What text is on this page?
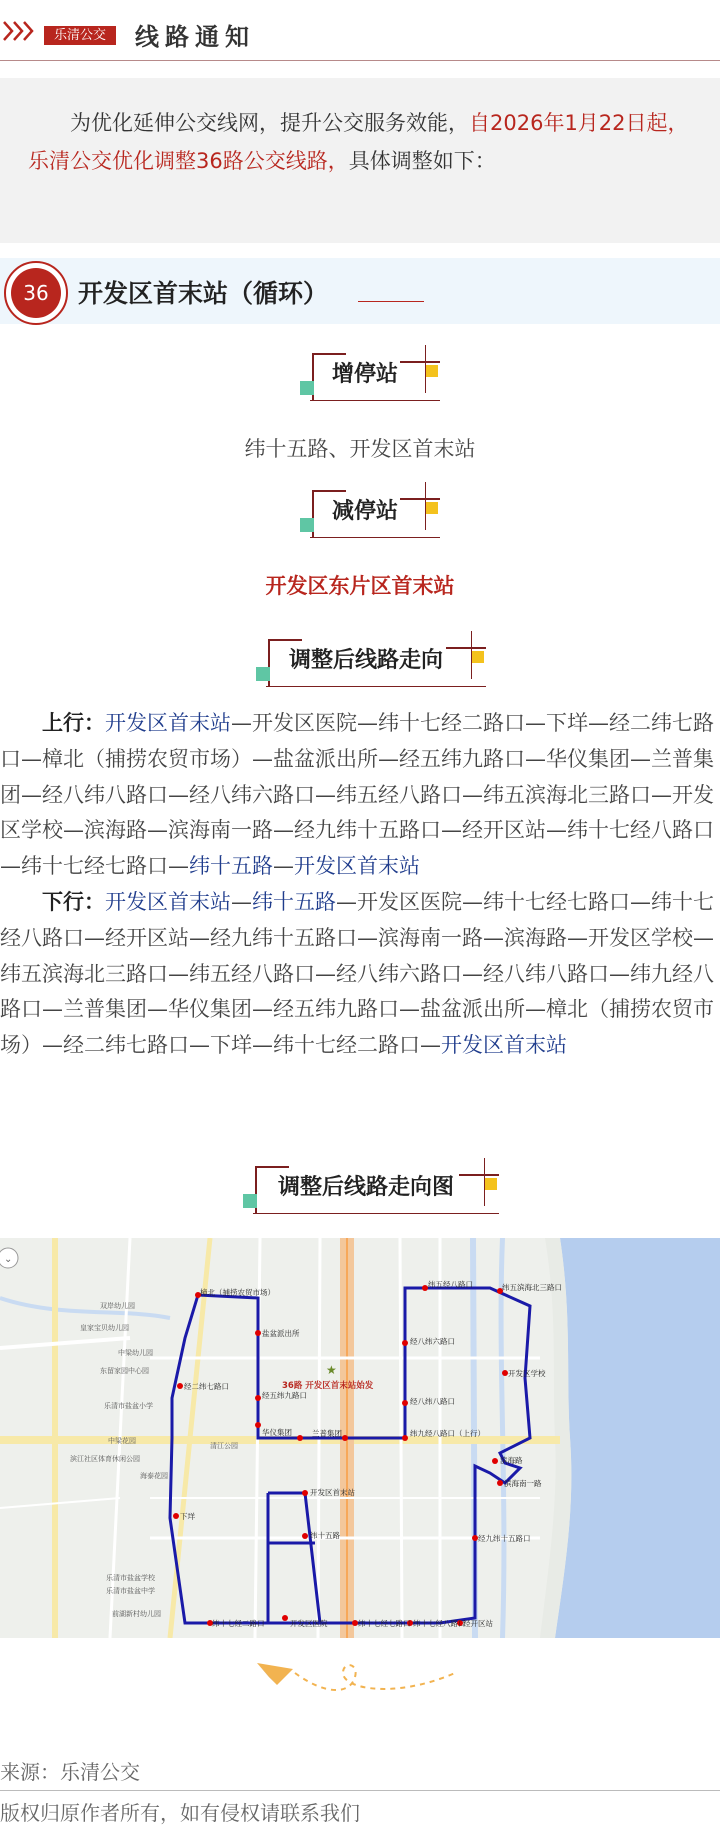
乐清公交	线路通知

为优化延伸公交线网，提升公交服务效能，自2026年1月22日起，乐清公交优化调整36路公交线路，具体调整如下：

36	开发区首末站（循环）
增停站
纬十五路、开发区首末站
减停站
开发区东片区首末站
调整后线路走向

上行：开发区首末站—开发区医院—纬十七经二路口—下垟—经二纬七路口—樟北（捕捞农贸市场）—盐盆派出所—经五纬九路口—华仪集团—兰普集团—经八纬八路口—经八纬六路口—纬五经八路口—纬五滨海北三路口—开发区学校—滨海路—滨海南一路—经九纬十五路口—经开区站—纬十七经八路口—纬十七经七路口—纬十五路—开发区首末站

下行：开发区首末站—纬十五路—开发区医院—纬十七经七路口—纬十七经八路口—经开区站—经九纬十五路口—滨海南一路—滨海路—开发区学校—纬五滨海北三路口—纬五经八路口—经八纬六路口—经八纬八路口—纬九经八路口—兰普集团—华仪集团—经五纬九路口—盐盆派出所—樟北（捕捞农贸市场）—经二纬七路口—下垟—纬十七经二路口—开发区首末站

调整后线路走向图
★
樟北（捕捞农贸市场）
盐盆派出所
经五纬九路口
华仪集团	兰普集团	纬九经八路口（上行）
经八纬八路口
经八纬六路口
纬五经八路口	纬五滨海北三路口
开发区学校
滨海路
滨海南一路
经九纬十五路口
经开区站
纬十七经八路口
纬十七经七路口
开发区医院
纬十七经二路口
下垟
经二纬七路口
开发区首末站
纬十五路
36路 开发区首末站始发
双岸幼儿园
皇家宝贝幼儿园
中梁幼儿园
东留家园中心园
乐清市盐盆小学
滨江社区体育休闲公园
清江公园
中梁花园
海泰花园
乐清市盐盆学校
乐清市盐盆中学
前湖新村幼儿园
⌄
来源：乐清公交
版权归原作者所有，如有侵权请联系我们
